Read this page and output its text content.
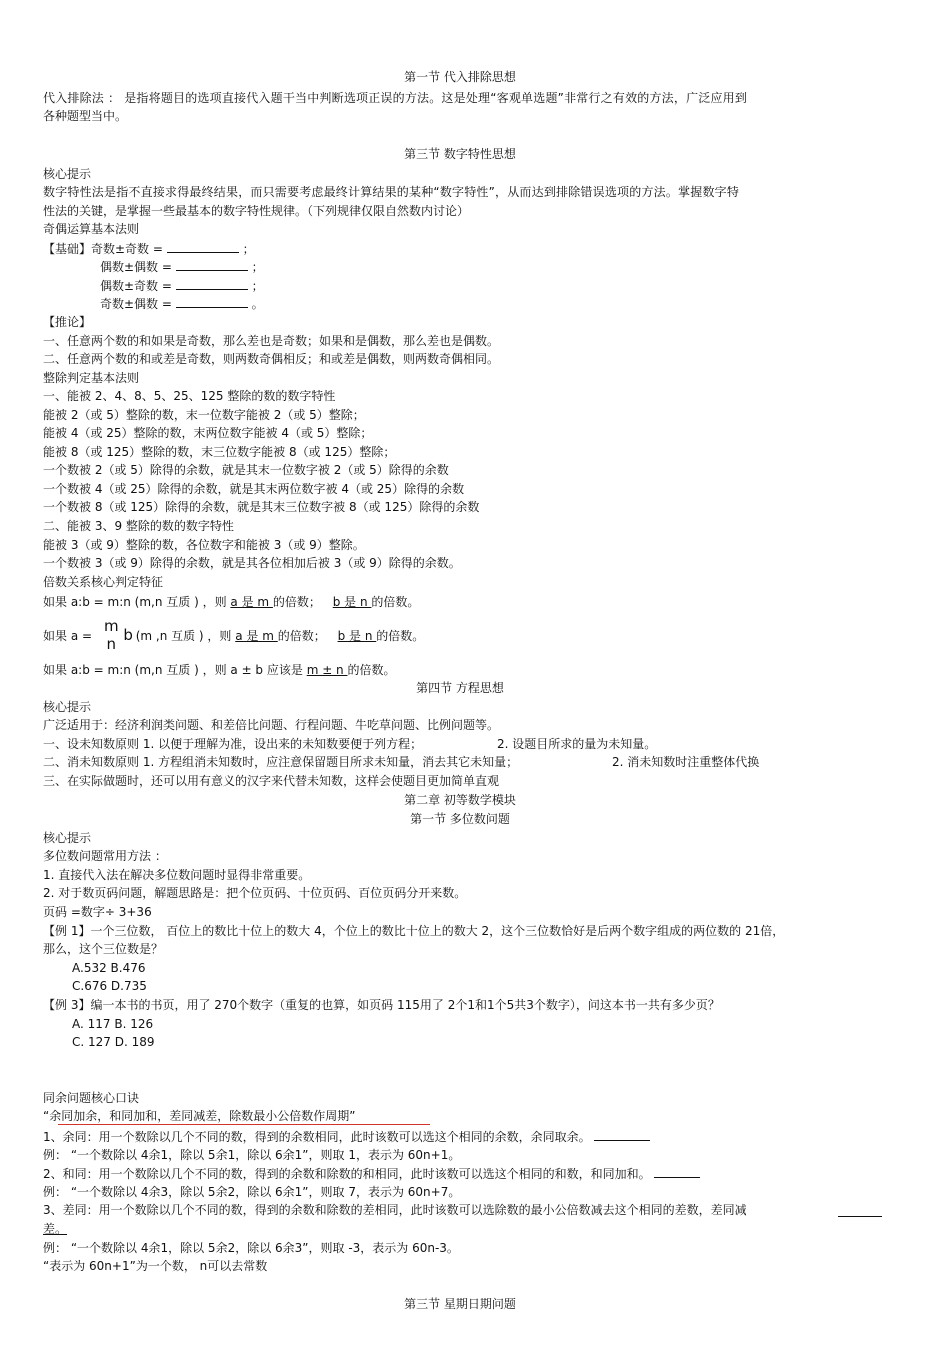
第一节 代入排除思想
代入排除法 ： 是指将题目的选项直接代入题干当中判断选项正误的方法。这是处理“客观单选题”非常行之有效的方法，广泛应用到
各种题型当中。
第三节 数字特性思想
核心提示
数字特性法是指不直接求得最终结果，而只需要考虑最终计算结果的某种“数字特性”，从而达到排除错误选项的方法。掌握数字特
性法的关键，是掌握一些最基本的数字特性规律。（下列规律仅限自然数内讨论）
奇偶运算基本法则
【基础】奇数±奇数 =	；
偶数±偶数 =	；
偶数±奇数 =	；
奇数±偶数 =	。
【推论】
一、任意两个数的和如果是奇数，那么差也是奇数；如果和是偶数，那么差也是偶数。
二、任意两个数的和或差是奇数，则两数奇偶相反；和或差是偶数，则两数奇偶相同。
整除判定基本法则
一、能被 2、4、8、5、25、125 整除的数的数字特性
能被 2（或 5）整除的数，末一位数字能被 2（或 5）整除；
能被 4（或 25）整除的数，末两位数字能被 4（或 5）整除；
能被 8（或 125）整除的数，末三位数字能被 8（或 125）整除；
一个数被 2（或 5）除得的余数，就是其末一位数字被 2（或 5）除得的余数
一个数被 4（或 25）除得的余数，就是其末两位数字被 4（或 25）除得的余数
一个数被 8（或 125）除得的余数，就是其末三位数字被 8（或 125）除得的余数
二、能被 3、9 整除的数的数字特性
能被 3（或 9）整除的数，各位数字和能被 3（或 9）整除。
一个数被 3（或 9）除得的余数，就是其各位相加后被 3（或 9）除得的余数。
倍数关系核心判定特征
如果 a:b = m:n (m,n 互质 ) ，则 a 是 m 的倍数； b 是 n 的倍数。
如果 a =	(m ,n 互质 ) ，则 a 是 m 的倍数； b 是 n 的倍数。
m
n b
如果 a:b = m:n (m,n 互质 ) ，则 a ± b 应该是 m ± n 的倍数。
第四节 方程思想
核心提示
广泛适用于：经济利润类问题、和差倍比问题、行程问题、牛吃草问题、比例问题等。
一、设未知数原则 1. 以便于理解为准，设出来的未知数要便于列方程；	2. 设题目所求的量为未知量。
二、消未知数原则 1. 方程组消未知数时，应注意保留题目所求未知量，消去其它未知量；	2. 消未知数时注重整体代换
三、在实际做题时，还可以用有意义的汉字来代替未知数，这样会使题目更加简单直观
第二章 初等数学模块
第一节 多位数问题
核心提示
多位数问题常用方法 ：
1. 直接代入法在解决多位数问题时显得非常重要。
2. 对于数页码问题，解题思路是：把个位页码、十位页码、百位页码分开来数。
页码 =数字÷ 3+36
【例 1】一个三位数， 百位上的数比十位上的数大 4，个位上的数比十位上的数大 2，这个三位数恰好是后两个数字组成的两位数的 21倍，
那么，这个三位数是？
A.532 B.476
C.676 D.735
【例 3】编一本书的书页，用了 270个数字（重复的也算，如页码 115用了 2个1和1个5共3个数字），问这本书一共有多少页？
A. 117 B. 126
C. 127 D. 189
同余问题核心口诀
“余同加余，和同加和，差同减差，除数最小公倍数作周期”
1、余同：用一个数除以几个不同的数，得到的余数相同，此时该数可以选这个相同的余数，余同取余。
例： “一个数除以 4余1，除以 5余1，除以 6余1”，则取 1，表示为 60n+1。
2、和同：用一个数除以几个不同的数，得到的余数和除数的和相同，此时该数可以选这个相同的和数，和同加和。
例： “一个数除以 4余3，除以 5余2，除以 6余1”，则取 7，表示为 60n+7。
3、差同：用一个数除以几个不同的数，得到的余数和除数的差相同，此时该数可以选除数的最小公倍数减去这个相同的差数，差同减
差。
例： “一个数除以 4余1，除以 5余2，除以 6余3”，则取 -3，表示为 60n-3。
“表示为 60n+1”为一个数， n可以去常数
第三节 星期日期问题
